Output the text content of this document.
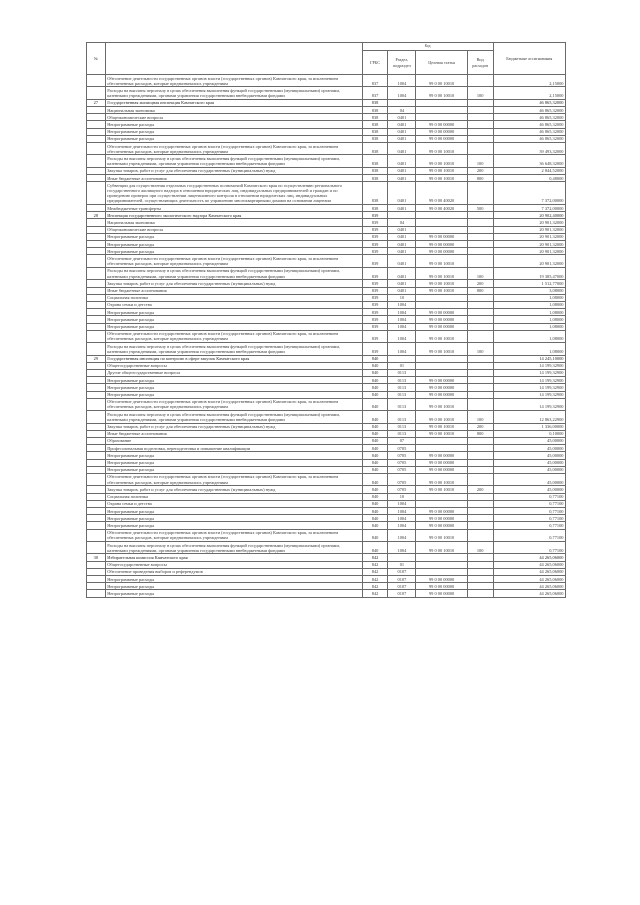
№		Код				Бюджетные ассигнования
		ГРБС	Раздел, подраздел	Целевая статья	Вид расходов	
	Обеспечение деятельности государственных органов власти (государственных органов) Камчатского края, за исключением обеспеченных расходов, которые предназначались учреждениям	837	1004	99 0 00 10010		2,15000
	Расходы на выплаты персоналу в целях обеспечения выполнения функций государственными (муниципальными) органами, казенными учреждениями, органами управления государственными внебюджетными фондами	837	1004	99 0 00 10010	100	2,15000
27	Государственная жилищная инспекция Камчатского края	838				46 865,32000
	Национальная экономика	838	04			46 865,32000
	Общеэкономические вопросы	838	0401			46 865,32000
	Непрограммные расходы	838	0401	99 0 00 00000		46 865,32000
	Непрограммные расходы	838	0401	99 0 00 00000		46 865,32000
	Непрограммные расходы	838	0401	99 0 00 00000		46 865,32000
	Обеспечение деятельности государственных органов власти (государственных органов) Камчатского края, за исключением обеспеченных расходов, которые предназначались учреждениям	838	0401	99 0 00 10010		39 493,32000
	Расходы на выплаты персоналу в целях обеспечения выполнения функций государственными (муниципальными) органами, казенными учреждениями, органами управления государственными внебюджетными фондами	838	0401	99 0 00 10010	100	36 648,32000
	Закупка товаров, работ и услуг для обеспечения государственных (муниципальных) нужд	838	0401	99 0 00 10010	200	2 844,52000
	Иные бюджетные ассигнования	838	0401	99 0 00 10010	800	0,48000
	Субвенции для осуществления отдельных государственных полномочий Камчатского края по осуществлению регионального государственного жилищного надзора в отношении юридических лиц, индивидуальных предпринимателей и граждан и по проведению проверок при осуществлении лицензионного контроля в отношении юридических лиц, индивидуальных предпринимателей, осуществляющих деятельность по управлению многоквартирными домами на основании лицензии	838	0401	99 0 00 40020		7 372,00000
	Межбюджетные трансферты	838	0401	99 0 00 40020	500	7 372,00000
28	Инспекция государственного экологического надзора Камчатского края	839				20 902,40000
	Национальная экономика	839	04			20 901,32000
	Общеэкономические вопросы	839	0401			20 901,32000
	Непрограммные расходы	839	0401	99 0 00 00000		20 901,32000
	Непрограммные расходы	839	0401	99 0 00 00000		20 901,32000
	Непрограммные расходы	839	0401	99 0 00 00000		20 901,32000
	Обеспечение деятельности государственных органов власти (государственных органов) Камчатского края, за исключением обеспеченных расходов, которые предназначались учреждениям	839	0401	99 0 00 10010		20 901,32000
	Расходы на выплаты персоналу в целях обеспечения выполнения функций государственными (муниципальными) органами, казенными учреждениями, органами управления государственными внебюджетными фондами	839	0401	99 0 00 10010	100	19 385,47000
	Закупка товаров, работ и услуг для обеспечения государственных (муниципальных) нужд	839	0401	99 0 00 10010	200	1 512,77000
	Иные бюджетные ассигнования	839	0401	99 0 00 10010	800	3,08000
	Социальная политика	839	10			1,08000
	Охрана семьи и детства	839	1004			1,08000
	Непрограммные расходы	839	1004	99 0 00 00000		1,08000
	Непрограммные расходы	839	1004	99 0 00 00000		1,08000
	Непрограммные расходы	839	1004	99 0 00 00000		1,08000
	Обеспечение деятельности государственных органов власти (государственных органов) Камчатского края, за исключением обеспеченных расходов, которые предназначались учреждениям	839	1004	99 0 00 10010		1,08000
	Расходы на выплаты персоналу в целях обеспечения выполнения функций государственными (муниципальными) органами, казенными учреждениями, органами управления государственными внебюджетными фондами	839	1004	99 0 00 10010	100	1,08000
29	Государственная инспекция по контролю в сфере закупок Камчатского края	840				14 245,10000
	Общегосударственные вопросы	840	01			14 199,32900
	Другие общегосударственные вопросы	840	0113			14 199,32900
	Непрограммные расходы	840	0113	99 0 00 00000		14 199,32900
	Непрограммные расходы	840	0113	99 0 00 00000		14 199,32900
	Непрограммные расходы	840	0113	99 0 00 00000		14 199,32900
	Обеспечение деятельности государственных органов власти (государственных органов) Камчатского края, за исключением обеспеченных расходов, которые предназначались учреждениям	840	0113	99 0 00 10010		14 199,32900
	Расходы на выплаты персоналу в целях обеспечения выполнения функций государственными (муниципальными) органами, казенными учреждениями, органами управления государственными внебюджетными фондами	840	0113	99 0 00 10010	100	12 863,22900
	Закупка товаров, работ и услуг для обеспечения государственных (муниципальных) нужд	840	0113	99 0 00 10010	200	1 336,00000
	Иные бюджетные ассигнования	840	0113	99 0 00 10010	800	0,10000
	Образование	840	07			45,00000
	Профессиональная подготовка, переподготовка и повышение квалификации	840	0705			45,00000
	Непрограммные расходы	840	0705	99 0 00 00000		45,00000
	Непрограммные расходы	840	0705	99 0 00 00000		45,00000
	Непрограммные расходы	840	0705	99 0 00 00000		45,00000
	Обеспечение деятельности государственных органов власти (государственных органов) Камчатского края, за исключением обеспеченных расходов, которые предназначались учреждениям	840	0705	99 0 00 10010		45,00000
	Закупка товаров, работ и услуг для обеспечения государственных (муниципальных) нужд	840	0705	99 0 00 10010	200	45,00000
	Социальная политика	840	10			0,77100
	Охрана семьи и детства	840	1004			0,77100
	Непрограммные расходы	840	1004	99 0 00 00000		0,77100
	Непрограммные расходы	840	1004	99 0 00 00000		0,77100
	Непрограммные расходы	840	1004	99 0 00 00000		0,77100
	Обеспечение деятельности государственных органов власти (государственных органов) Камчатского края, за исключением обеспеченных расходов, которые предназначались учреждениям	840	1004	99 0 00 10010		0,77100
	Расходы на выплаты персоналу в целях обеспечения выполнения функций государственными (муниципальными) органами, казенными учреждениями, органами управления государственными внебюджетными фондами	840	1004	99 0 00 10010	100	0,77100
30	Избирательная комиссия Камчатского края	842				44 265,06000
	Общегосударственные вопросы	842	01			44 265,06000
	Обеспечение проведения выборов и референдумов	842	0107			44 265,06000
	Непрограммные расходы	842	0107	99 0 00 00000		44 265,06000
	Непрограммные расходы	842	0107	99 0 00 00000		44 265,06000
	Непрограммные расходы	842	0107	99 0 00 00000		44 265,06000
